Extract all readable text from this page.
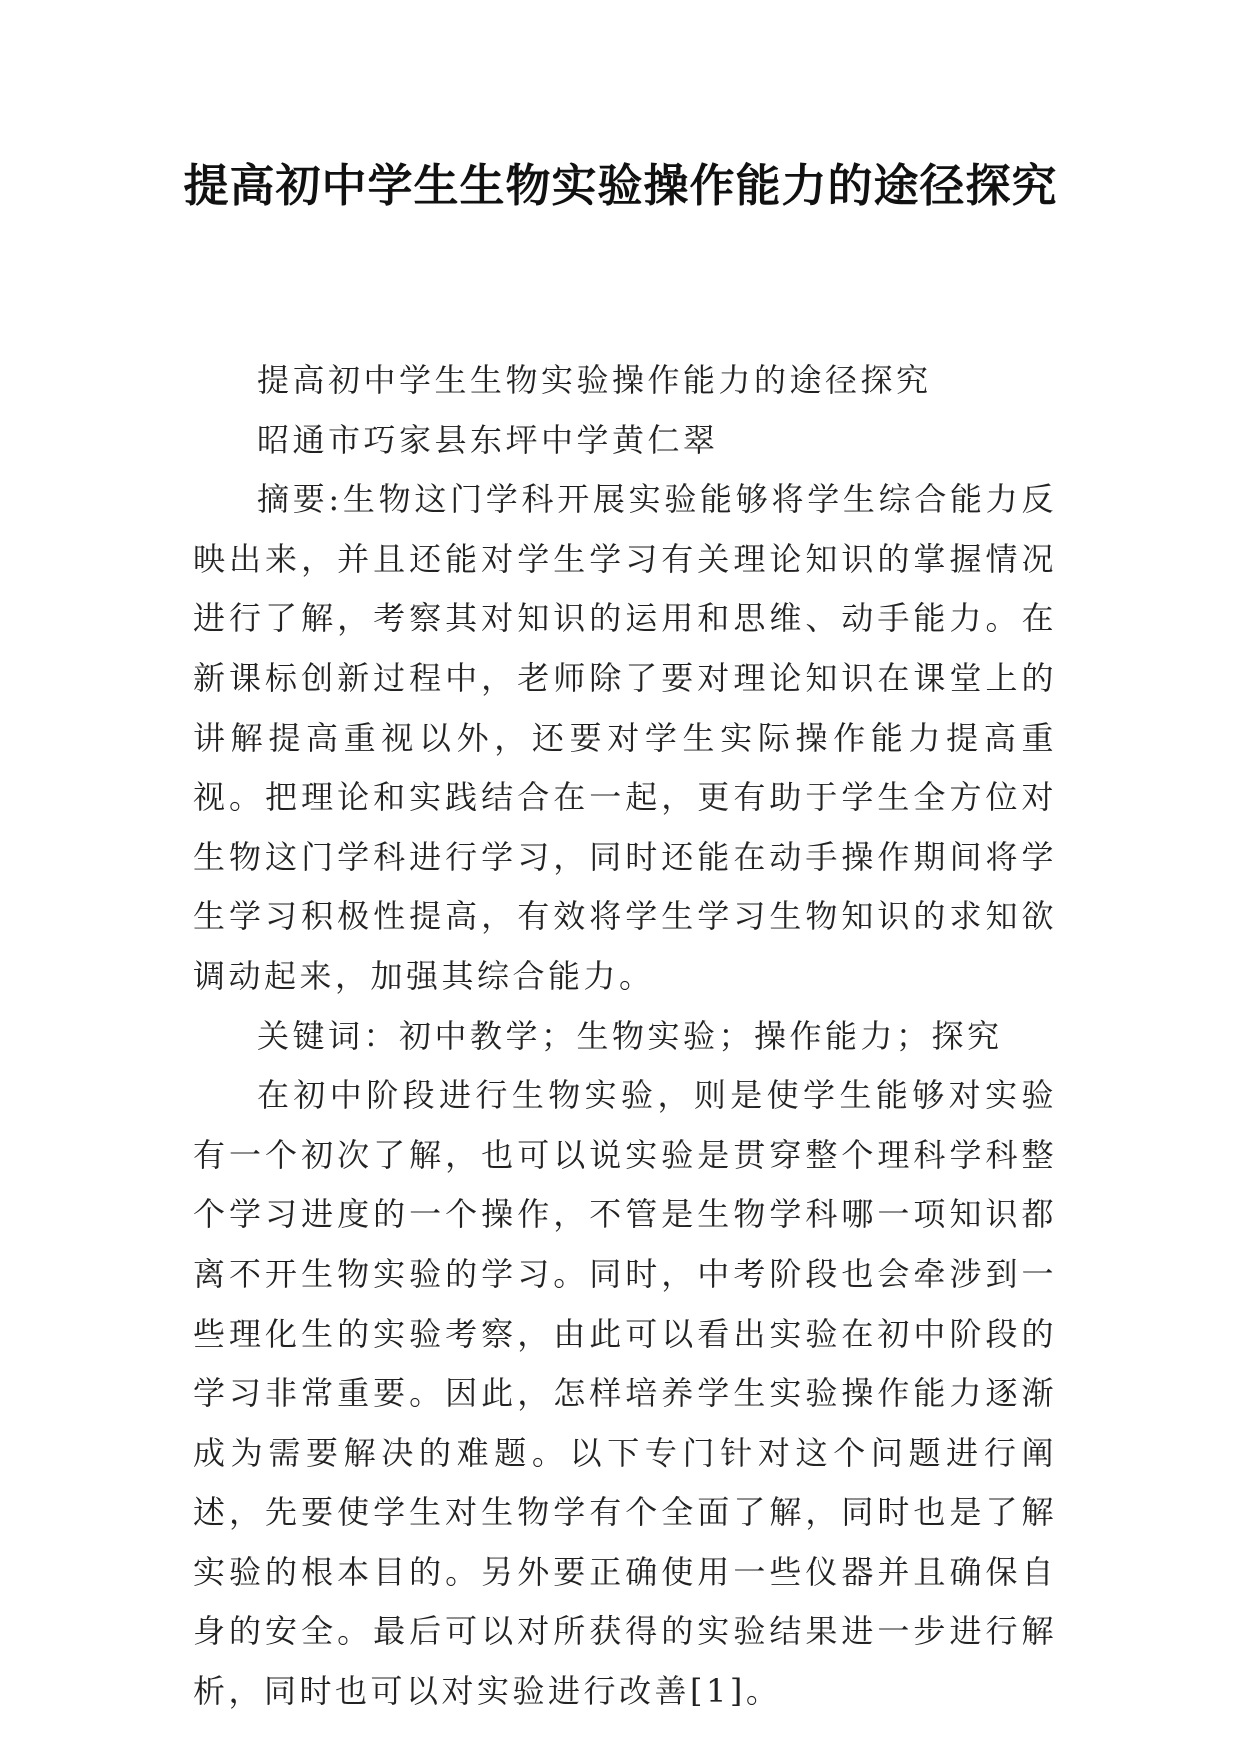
提高初中学生生物实验操作能力的途径探究

提高初中学生生物实验操作能力的途径探究

昭通市巧家县东坪中学黄仁翠

摘要:生物这门学科开展实验能够将学生综合能力反映出来，并且还能对学生学习有关理论知识的掌握情况进行了解，考察其对知识的运用和思维、动手能力。在新课标创新过程中，老师除了要对理论知识在课堂上的讲解提高重视以外，还要对学生实际操作能力提高重视。把理论和实践结合在一起，更有助于学生全方位对生物这门学科进行学习，同时还能在动手操作期间将学生学习积极性提高，有效将学生学习生物知识的求知欲调动起来，加强其综合能力。

关键词：初中教学；生物实验；操作能力；探究

在初中阶段进行生物实验，则是使学生能够对实验有一个初次了解，也可以说实验是贯穿整个理科学科整个学习进度的一个操作，不管是生物学科哪一项知识都离不开生物实验的学习。同时，中考阶段也会牵涉到一些理化生的实验考察，由此可以看出实验在初中阶段的学习非常重要。因此，怎样培养学生实验操作能力逐渐成为需要解决的难题。以下专门针对这个问题进行阐述，先要使学生对生物学有个全面了解，同时也是了解实验的根本目的。另外要正确使用一些仪器并且确保自身的安全。最后可以对所获得的实验结果进一步进行解析，同时也可以对实验进行改善[1]。
